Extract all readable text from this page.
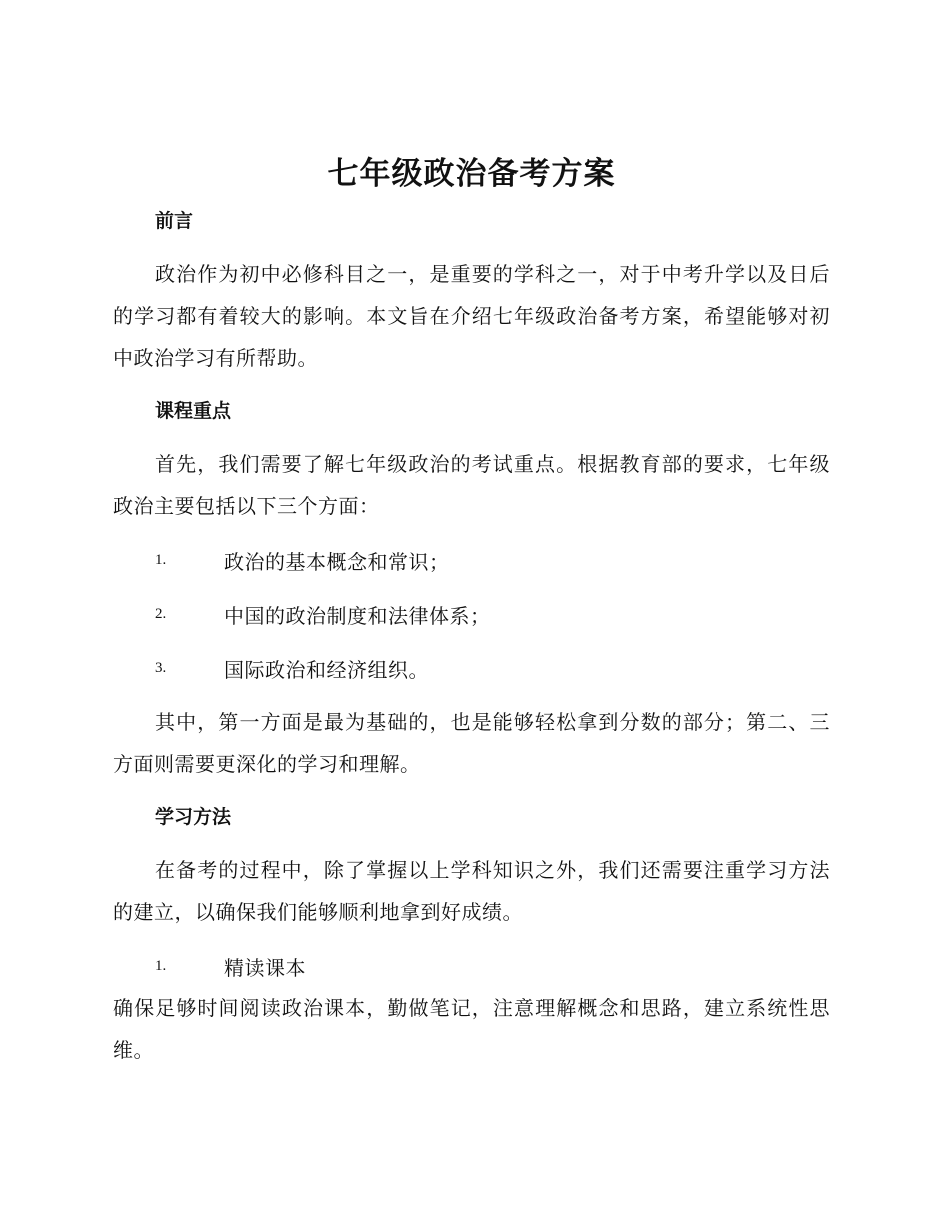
七年级政治备考方案
前言

政治作为初中必修科目之一，是重要的学科之一，对于中考升学以及日后的学习都有着较大的影响。本文旨在介绍七年级政治备考方案，希望能够对初中政治学习有所帮助。

课程重点

首先，我们需要了解七年级政治的考试重点。根据教育部的要求，七年级政治主要包括以下三个方面：

1.	政治的基本概念和常识；
2.	中国的政治制度和法律体系；
3.	国际政治和经济组织。

其中，第一方面是最为基础的，也是能够轻松拿到分数的部分；第二、三方面则需要更深化的学习和理解。

学习方法

在备考的过程中，除了掌握以上学科知识之外，我们还需要注重学习方法的建立，以确保我们能够顺利地拿到好成绩。

1.	精读课本

确保足够时间阅读政治课本，勤做笔记，注意理解概念和思路，建立系统性思维。
